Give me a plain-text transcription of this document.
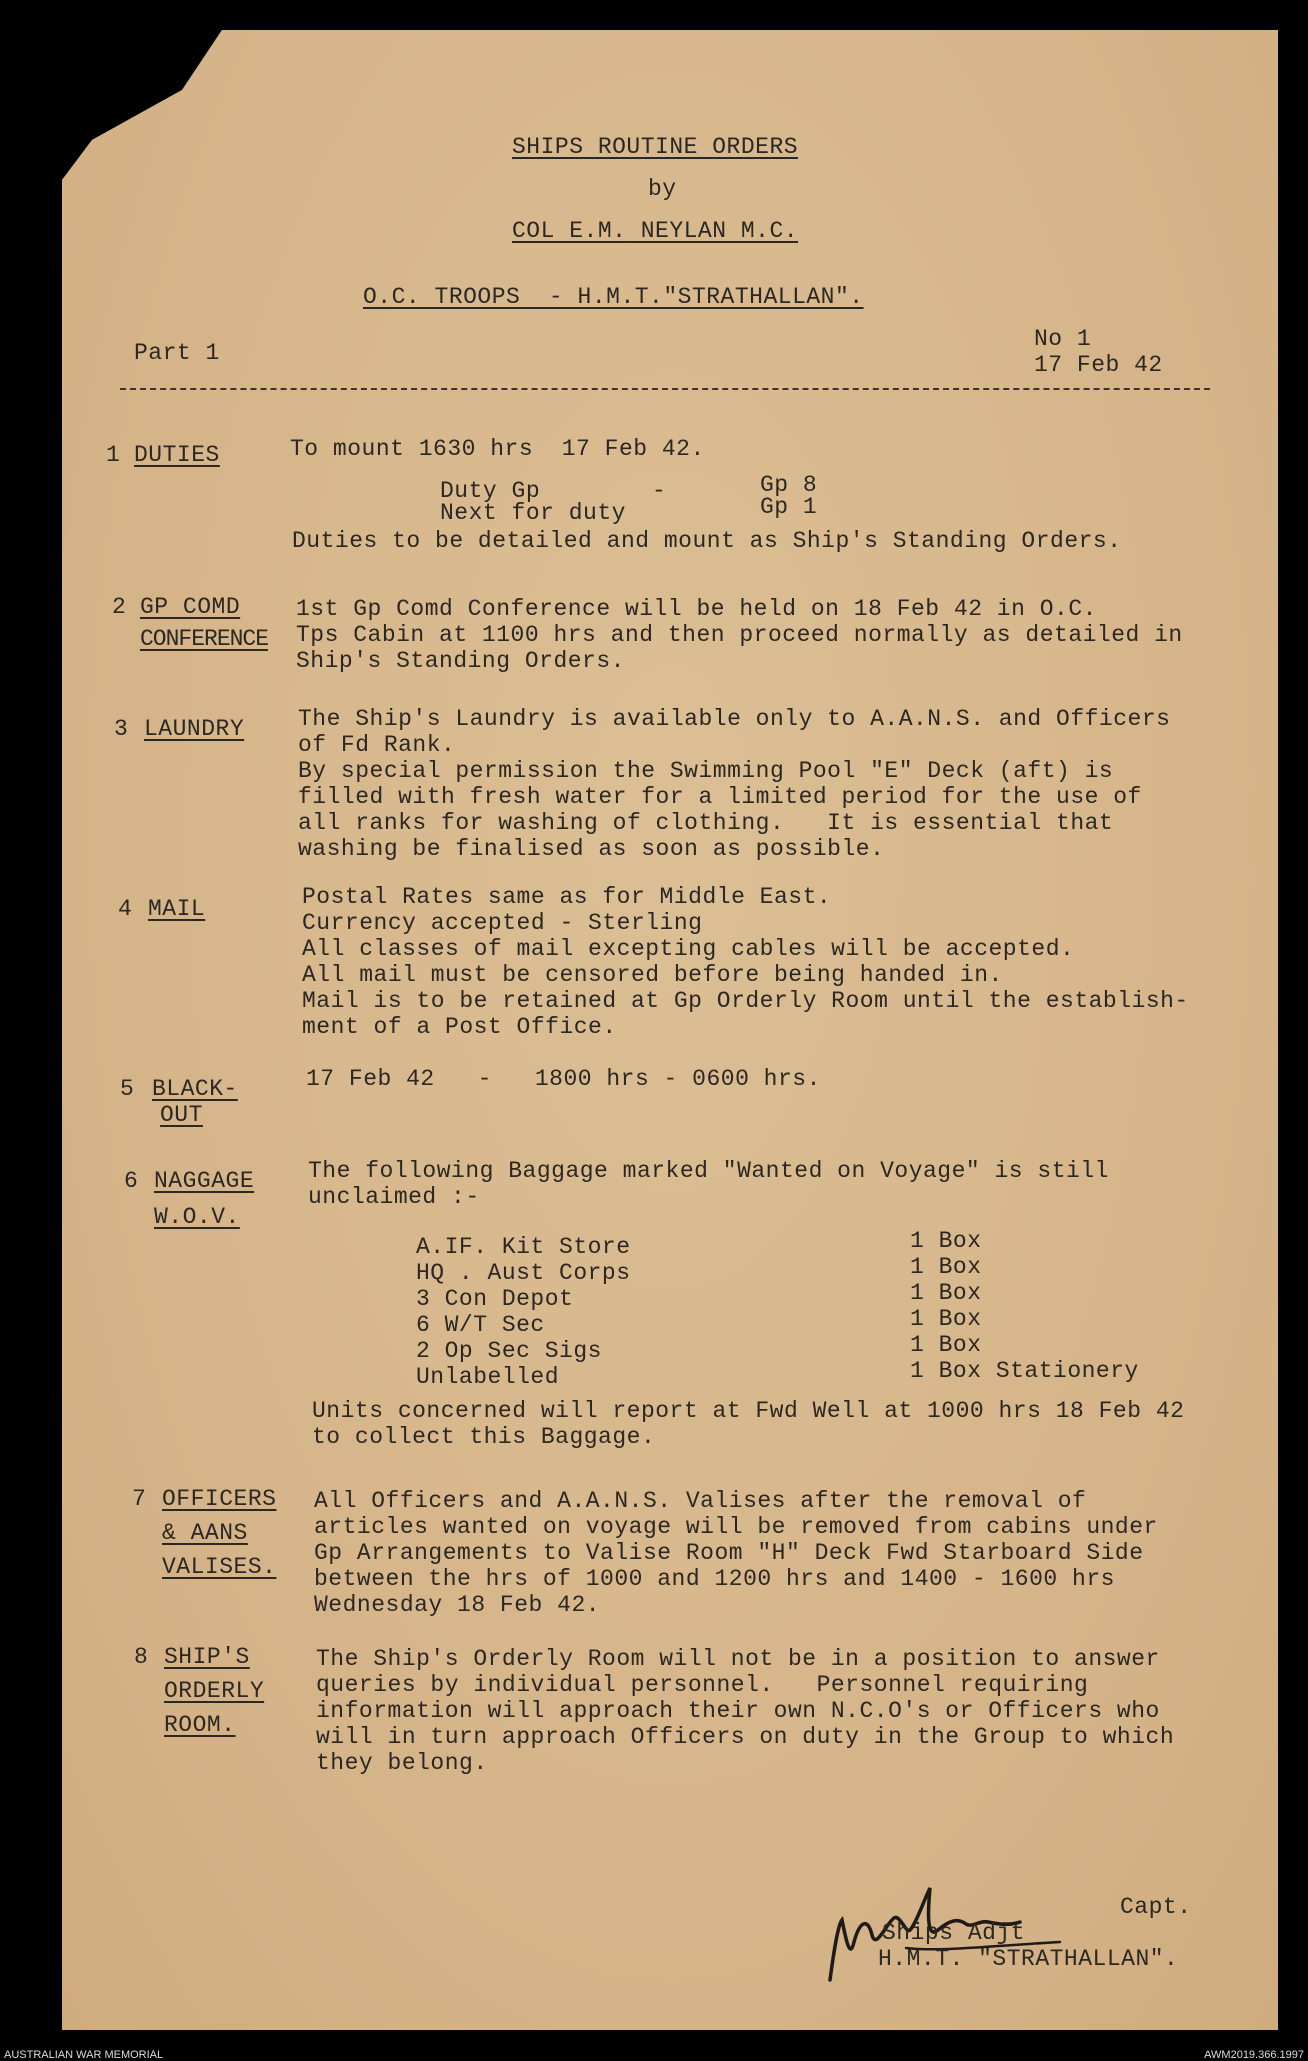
SHIPS ROUTINE ORDERS
by
COL E.M. NEYLAN M.C.
O.C. TROOPS  - H.M.T."STRATHALLAN".
Part 1
No 1
17 Feb 42
1 DUTIES	To mount 1630 hrs  17 Feb 42.
Duty Gp	-	Gp 8
Next for duty	Gp 1
Duties to be detailed and mount as Ship's Standing Orders.
2 GP COMD
CONFERENCE
1st Gp Comd Conference will be held on 18 Feb 42 in O.C.
Tps Cabin at 1100 hrs and then proceed normally as detailed in
Ship's Standing Orders.
3 LAUNDRY The Ship's Laundry is available only to A.A.N.S. and Officers
of Fd Rank.
By special permission the Swimming Pool "E" Deck (aft) is
filled with fresh water for a limited period for the use of
all ranks for washing of clothing.   It is essential that
washing be finalised as soon as possible.
4 MAIL	Postal Rates same as for Middle East.
Currency accepted - Sterling
All classes of mail excepting cables will be accepted.
All mail must be censored before being handed in.
Mail is to be retained at Gp Orderly Room until the establish-
ment of a Post Office.
5 BLACK-
OUT
17 Feb 42   -   1800 hrs - 0600 hrs.
6 NAGGAGE
W.O.V.
The following Baggage marked "Wanted on Voyage" is still
unclaimed :-
A.IF. Kit Store	1 Box
HQ . Aust Corps	1 Box
3 Con Depot	1 Box
6 W/T Sec	1 Box
2 Op Sec Sigs	1 Box
Unlabelled	1 Box Stationery
Units concerned will report at Fwd Well at 1000 hrs 18 Feb 42
to collect this Baggage.
7 OFFICERS
& AANS
VALISES.
All Officers and A.A.N.S. Valises after the removal of
articles wanted on voyage will be removed from cabins under
Gp Arrangements to Valise Room "H" Deck Fwd Starboard Side
between the hrs of 1000 and 1200 hrs and 1400 - 1600 hrs
Wednesday 18 Feb 42.
8 SHIP'S
ORDERLY
ROOM.
The Ship's Orderly Room will not be in a position to answer
queries by individual personnel.   Personnel requiring
information will approach their own N.C.O's or Officers who
will in turn approach Officers on duty in the Group to which
they belong.
Capt.
Ships Adjt
H.M.T. "STRATHALLAN".
AUSTRALIAN WAR MEMORIAL	AWM2019.366.1997
